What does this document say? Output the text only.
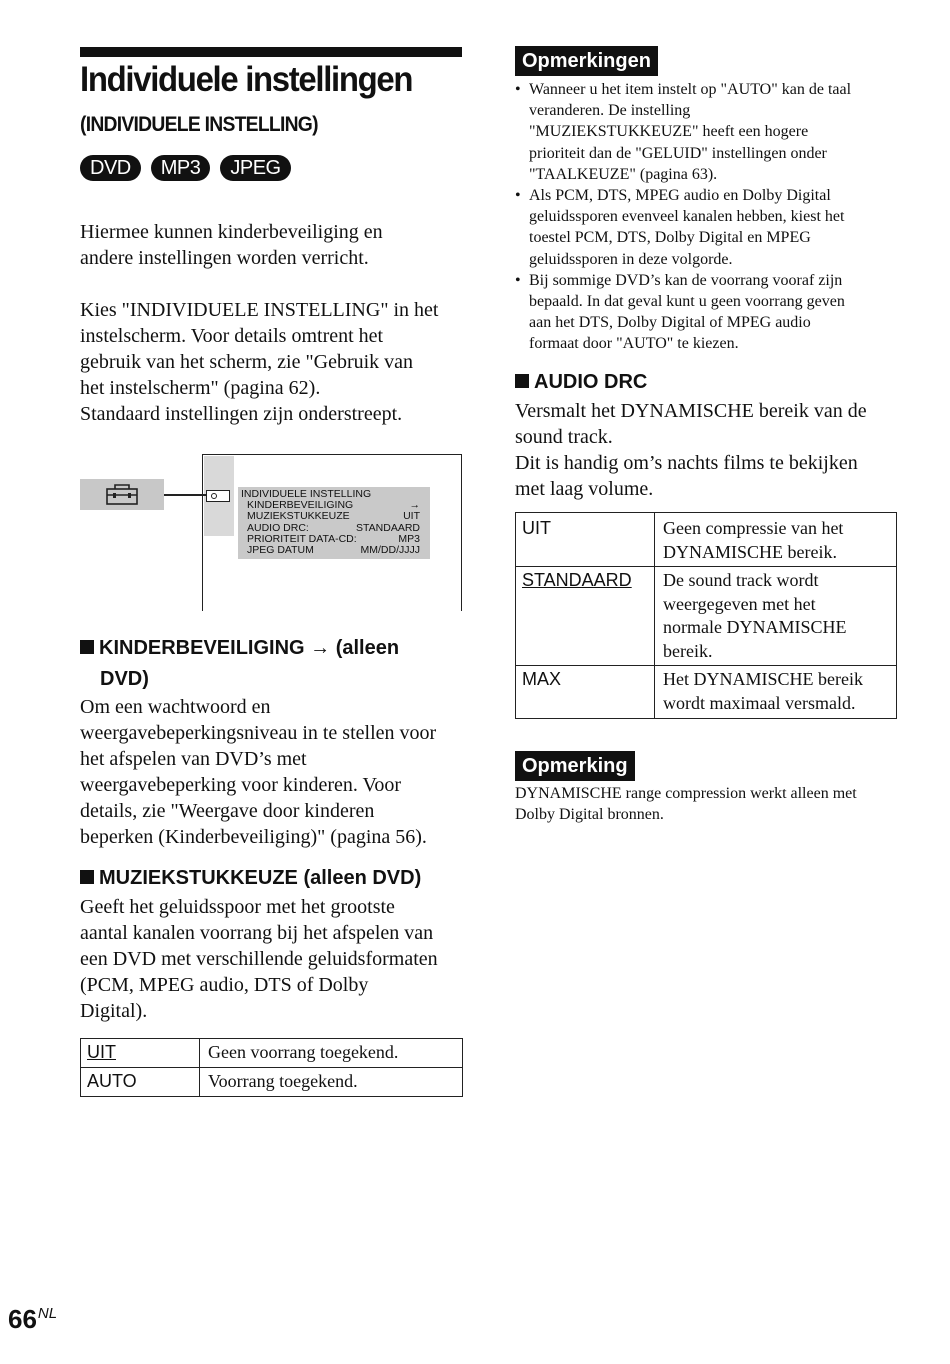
Individuele instellingen
(INDIVIDUELE INSTELLING)
DVD	MP3	JPEG
Hiermee kunnen kinderbeveiliging en andere instellingen worden verricht.
Kies "INDIVIDUELE INSTELLING" in het
instelscherm. Voor details omtrent het
gebruik van het scherm, zie "Gebruik van
het instelscherm" (pagina 62).
Standaard instellingen zijn onderstreept.
INDIVIDUELE INSTELLING
KINDERBEVEILIGING	→
MUZIEKSTUKKEUZE	UIT
AUDIO DRC:	STANDAARD
PRIORITEIT DATA-CD:	MP3
JPEG DATUM	MM/DD/JJJJ
KINDERBEVEILIGING → (alleen
DVD)
Om een wachtwoord en
weergavebeperkingsniveau in te stellen voor
het afspelen van DVD’s met
weergavebeperking voor kinderen. Voor
details, zie "Weergave door kinderen
beperken (Kinderbeveiliging)" (pagina 56).
MUZIEKSTUKKEUZE (alleen DVD)
Geeft het geluidsspoor met het grootste
aantal kanalen voorrang bij het afspelen van
een DVD met verschillende geluidsformaten
(PCM, MPEG audio, DTS of Dolby
Digital).
UIT	Geen voorrang toegekend.
AUTO	Voorrang toegekend.
Opmerkingen
• Wanneer u het item instelt op "AUTO" kan de taal
veranderen. De instelling
"MUZIEKSTUKKEUZE" heeft een hogere
prioriteit dan de "GELUID" instellingen onder
"TAALKEUZE" (pagina 63).
• Als PCM, DTS, MPEG audio en Dolby Digital
geluidssporen evenveel kanalen hebben, kiest het
toestel PCM, DTS, Dolby Digital en MPEG
geluidssporen in deze volgorde.
• Bij sommige DVD’s kan de voorrang vooraf zijn
bepaald. In dat geval kunt u geen voorrang geven
aan het DTS, Dolby Digital of MPEG audio
formaat door "AUTO" te kiezen.
AUDIO DRC
Versmalt het DYNAMISCHE bereik van de
sound track.
Dit is handig om’s nachts films te bekijken
met laag volume.
UIT	Geen compressie van het
DYNAMISCHE bereik.

STANDAARD	De sound track wordt
weergegeven met het
normale DYNAMISCHE
bereik.

MAX	Het DYNAMISCHE bereik
wordt maximaal versmald.
Opmerking
DYNAMISCHE range compression werkt alleen met
Dolby Digital bronnen.
$66^{NL}$
